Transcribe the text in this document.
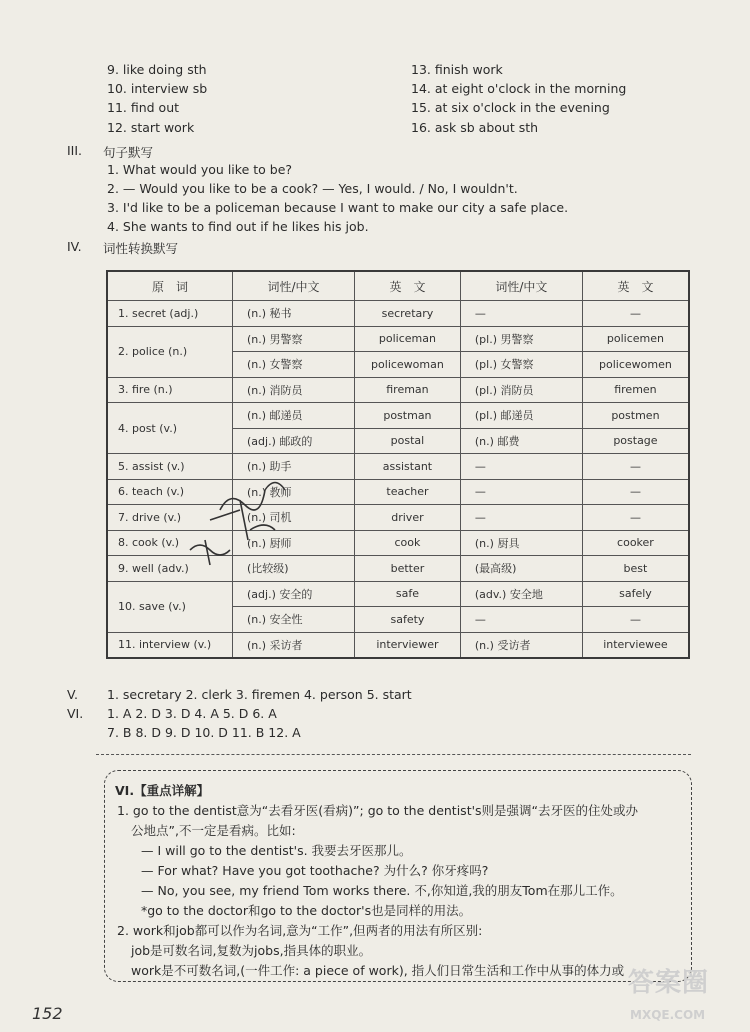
9. like doing sth
10. interview sb
11. find out
12. start work
13. finish work
14. at eight o'clock in the morning
15. at six o'clock in the evening
16. ask sb about sth
III. 句子默写
1. What would you like to be?
2. — Would you like to be a cook? — Yes, I would. / No, I wouldn't.
3. I'd like to be a policeman because I want to make our city a safe place.
4. She wants to find out if he likes his job.
IV. 词性转换默写
原　词	词性/中文	英　文	词性/中文	英　文
1. secret (adj.)	(n.) 秘书	secretary	—	—
2. police (n.)	(n.) 男警察	policeman	(pl.) 男警察	policemen
	(n.) 女警察	policewoman	(pl.) 女警察	policewomen
3. fire (n.)	(n.) 消防员	fireman	(pl.) 消防员	firemen
4. post (v.)	(n.) 邮递员	postman	(pl.) 邮递员	postmen
	(adj.) 邮政的	postal	(n.) 邮费	postage
5. assist (v.)	(n.) 助手	assistant	—	—
6. teach (v.)	(n.) 教师	teacher	—	—
7. drive (v.)	(n.) 司机	driver	—	—
8. cook (v.)	(n.) 厨师	cook	(n.) 厨具	cooker
9. well (adv.)	(比较级)	better	(最高级)	best
10. save (v.)	(adj.) 安全的	safe	(adv.) 安全地	safely
	(n.) 安全性	safety	—	—
11. interview (v.)	(n.) 采访者	interviewer	(n.) 受访者	interviewee
V. 1. secretary 2. clerk 3. firemen 4. person 5. start
VI. 1. A 2. D 3. D 4. A 5. D 6. A
7. B 8. D 9. D 10. D 11. B 12. A
VI.【重点详解】
1. go to the dentist意为“去看牙医(看病)”; go to the dentist's则是强调“去牙医的住处或办
公地点”,不一定是看病。比如:
— I will go to the dentist's. 我要去牙医那儿。
— For what? Have you got toothache? 为什么? 你牙疼吗?
— No, you see, my friend Tom works there. 不,你知道,我的朋友Tom在那儿工作。
*go to the doctor和go to the doctor's也是同样的用法。
2. work和job都可以作为名词,意为“工作”,但两者的用法有所区别:
job是可数名词,复数为jobs,指具体的职业。
work是不可数名词,(一件工作: a piece of work), 指人们日常生活和工作中从事的体力或
152
答案圈
MXQE.COM
